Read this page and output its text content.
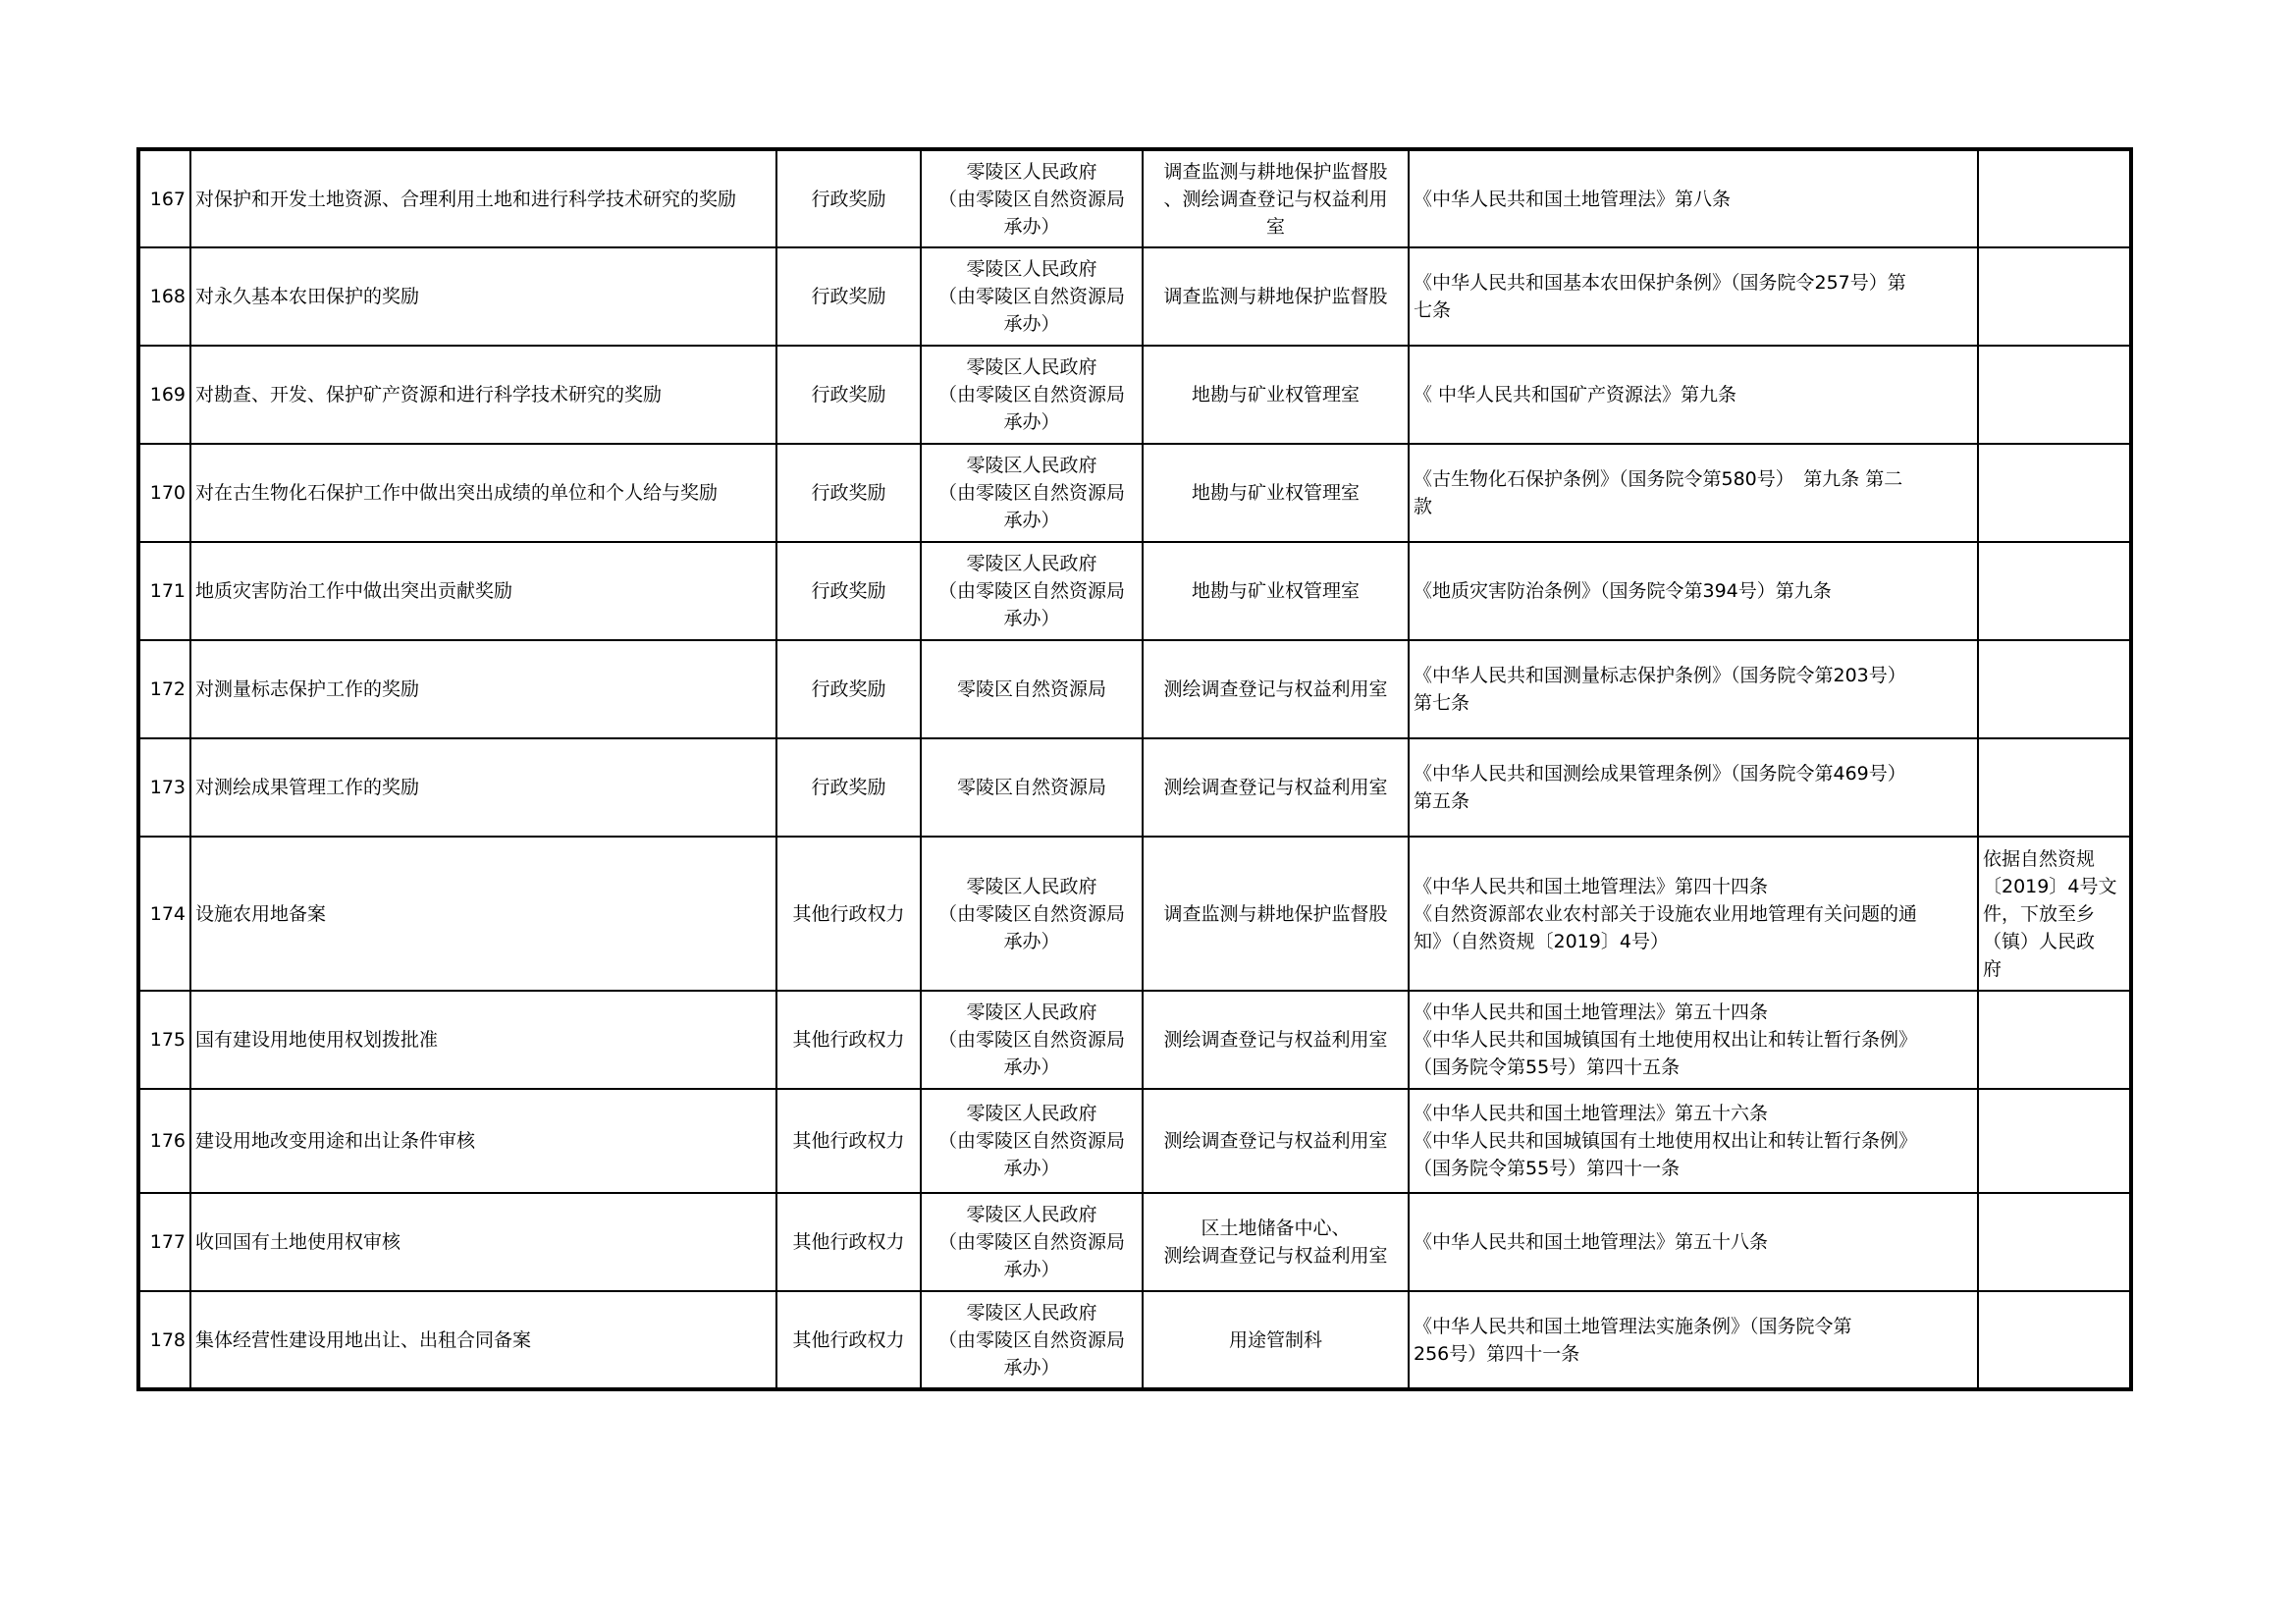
167	对保护和开发土地资源、合理利用土地和进行科学技术研究的奖励	行政奖励	零陵区人民政府
（由零陵区自然资源局
承办）	调查监测与耕地保护监督股
、测绘调查登记与权益利用
室	《中华人民共和国土地管理法》第八条	

168	对永久基本农田保护的奖励	行政奖励	零陵区人民政府
（由零陵区自然资源局
承办）	调查监测与耕地保护监督股	《中华人民共和国基本农田保护条例》（国务院令257号）第
七条	

169	对勘查、开发、保护矿产资源和进行科学技术研究的奖励	行政奖励	零陵区人民政府
（由零陵区自然资源局
承办）	地勘与矿业权管理室	《 中华人民共和国矿产资源法》第九条	

170	对在古生物化石保护工作中做出突出成绩的单位和个人给与奖励	行政奖励	零陵区人民政府
（由零陵区自然资源局
承办）	地勘与矿业权管理室	《古生物化石保护条例》（国务院令第580号）　第九条 第二
款	

171	地质灾害防治工作中做出突出贡献奖励	行政奖励	零陵区人民政府
（由零陵区自然资源局
承办）	地勘与矿业权管理室	《地质灾害防治条例》（国务院令第394号）第九条	

172	对测量标志保护工作的奖励	行政奖励	零陵区自然资源局	测绘调查登记与权益利用室	《中华人民共和国测量标志保护条例》（国务院令第203号）
第七条	

173	对测绘成果管理工作的奖励	行政奖励	零陵区自然资源局	测绘调查登记与权益利用室	《中华人民共和国测绘成果管理条例》（国务院令第469号）
第五条	

174	设施农用地备案	其他行政权力	零陵区人民政府
（由零陵区自然资源局
承办）	调查监测与耕地保护监督股	《中华人民共和国土地管理法》第四十四条
《自然资源部农业农村部关于设施农业用地管理有关问题的通
知》（自然资规〔2019〕4号）	依据自然资规
〔2019〕4号文
件，下放至乡
（镇）人民政
府

175	国有建设用地使用权划拨批准	其他行政权力	零陵区人民政府
（由零陵区自然资源局
承办）	测绘调查登记与权益利用室	《中华人民共和国土地管理法》第五十四条
《中华人民共和国城镇国有土地使用权出让和转让暂行条例》
（国务院令第55号）第四十五条	

176	建设用地改变用途和出让条件审核	其他行政权力	零陵区人民政府
（由零陵区自然资源局
承办）	测绘调查登记与权益利用室	《中华人民共和国土地管理法》第五十六条
《中华人民共和国城镇国有土地使用权出让和转让暂行条例》
（国务院令第55号）第四十一条	

177	收回国有土地使用权审核	其他行政权力	零陵区人民政府
（由零陵区自然资源局
承办）	区土地储备中心、
测绘调查登记与权益利用室	《中华人民共和国土地管理法》第五十八条	

178	集体经营性建设用地出让、出租合同备案	其他行政权力	零陵区人民政府
（由零陵区自然资源局
承办）	用途管制科	《中华人民共和国土地管理法实施条例》（国务院令第
256号）第四十一条	
